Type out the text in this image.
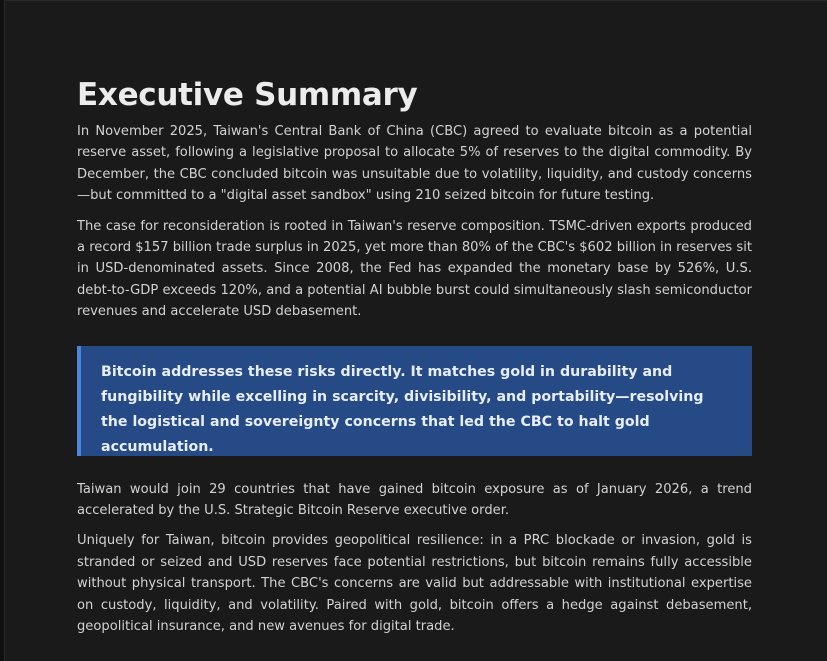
Executive Summary

In November 2025, Taiwan's Central Bank of China (CBC) agreed to evaluate bitcoin as a potential reserve asset, following a legislative proposal to allocate 5% of reserves to the digital commodity. By December, the CBC concluded bitcoin was unsuitable due to volatility, liquidity, and custody concerns—but committed to a "digital asset sandbox" using 210 seized bitcoin for future testing.

The case for reconsideration is rooted in Taiwan's reserve composition. TSMC-driven exports produced a record $157 billion trade surplus in 2025, yet more than 80% of the CBC's $602 billion in reserves sit in USD-denominated assets. Since 2008, the Fed has expanded the monetary base by 526%, U.S. debt-to-GDP exceeds 120%, and a potential AI bubble burst could simultaneously slash semiconductor revenues and accelerate USD debasement.

Bitcoin addresses these risks directly. It matches gold in durability and fungibility while excelling in scarcity, divisibility, and portability—resolving the logistical and sovereignty concerns that led the CBC to halt gold accumulation.

Taiwan would join 29 countries that have gained bitcoin exposure as of January 2026, a trend accelerated by the U.S. Strategic Bitcoin Reserve executive order.

Uniquely for Taiwan, bitcoin provides geopolitical resilience: in a PRC blockade or invasion, gold is stranded or seized and USD reserves face potential restrictions, but bitcoin remains fully accessible without physical transport. The CBC's concerns are valid but addressable with institutional expertise on custody, liquidity, and volatility. Paired with gold, bitcoin offers a hedge against debasement, geopolitical insurance, and new avenues for digital trade.
